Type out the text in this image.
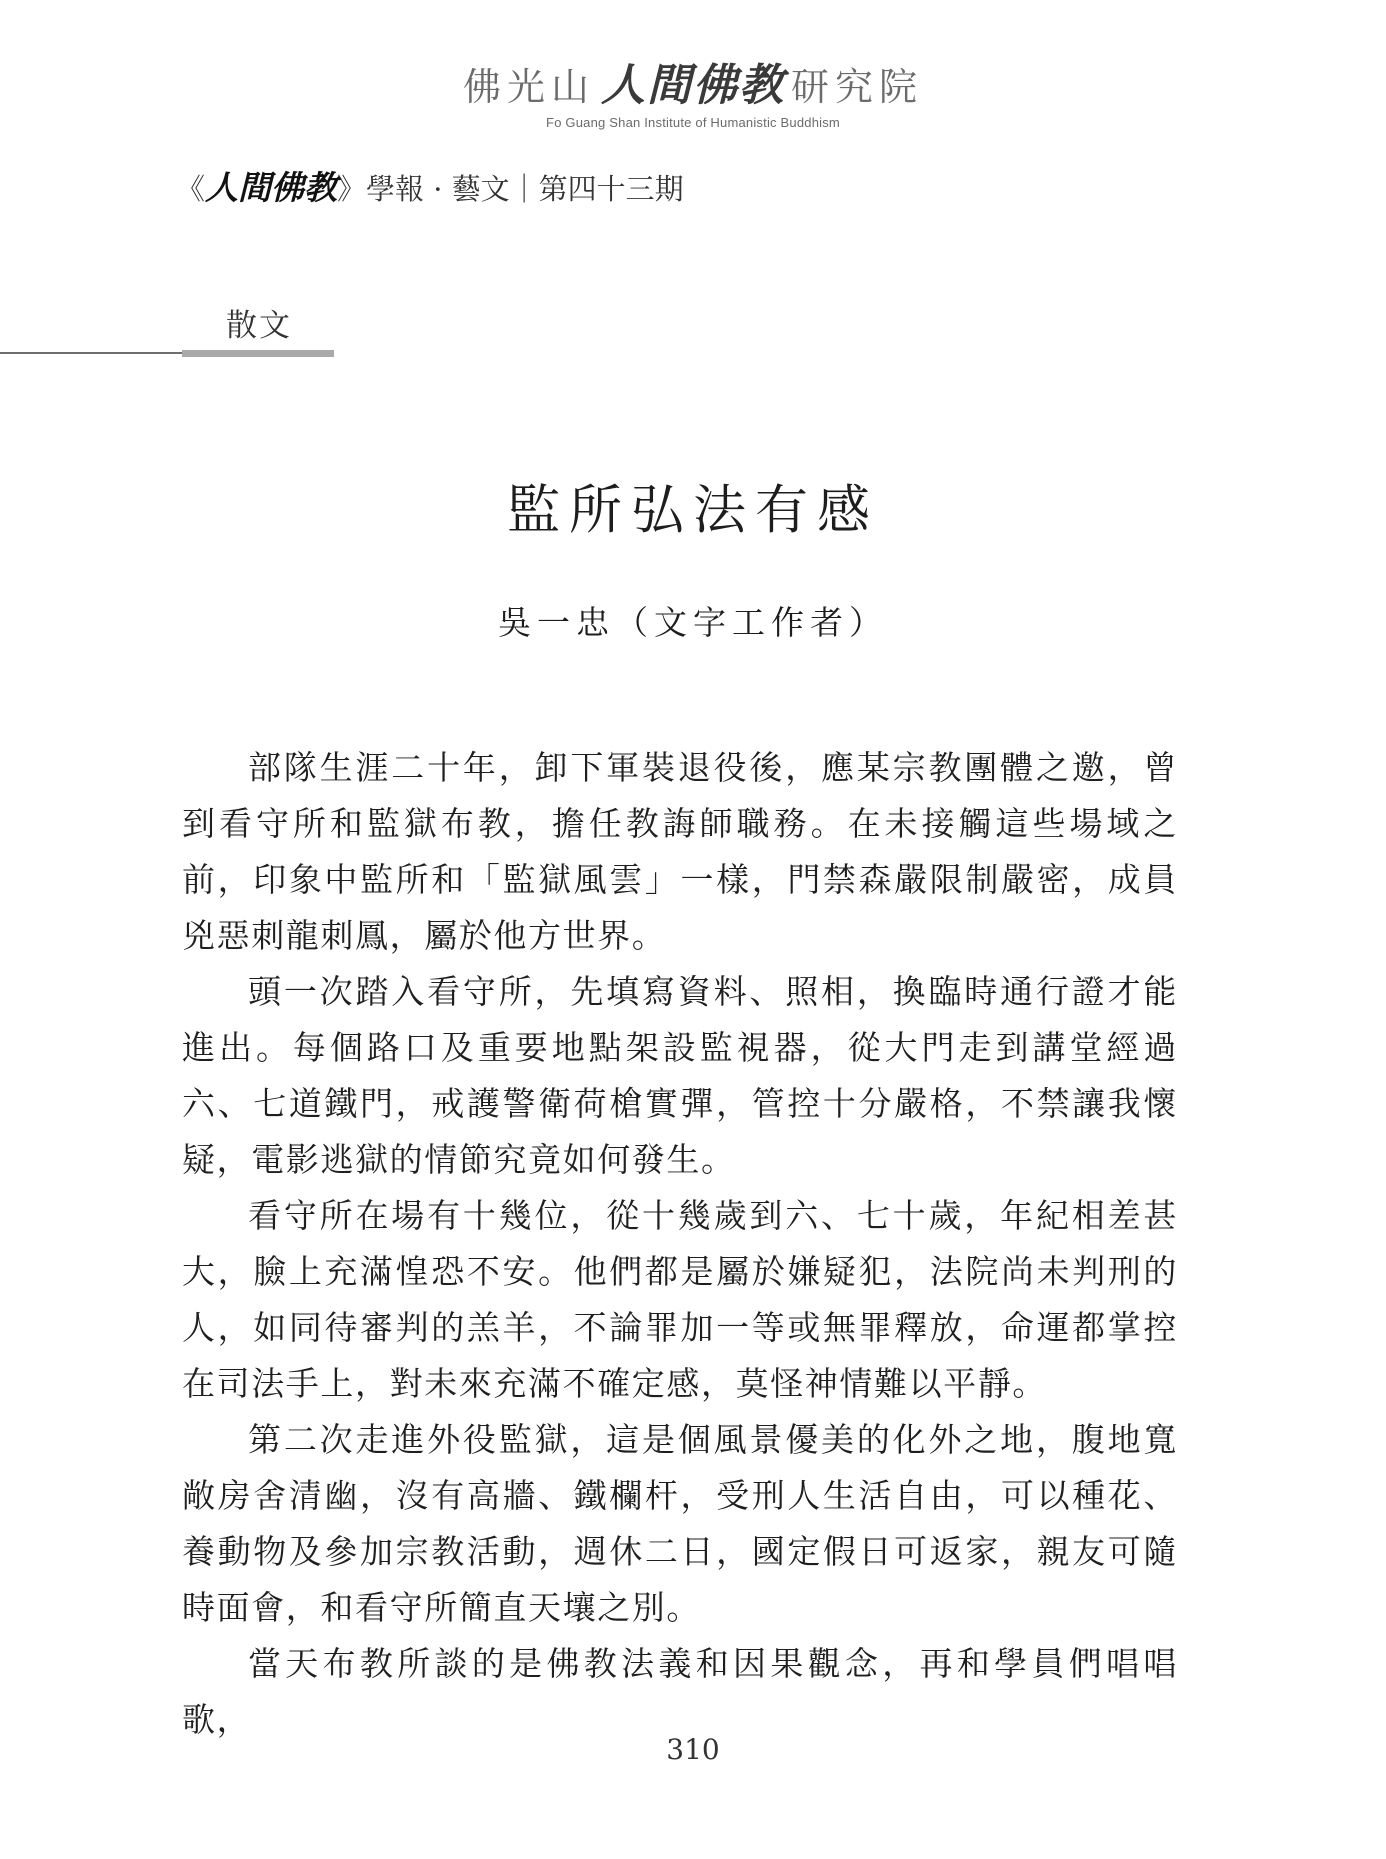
佛光山 人間佛教 研究院
Fo Guang Shan Institute of Humanistic Buddhism
《人間佛教》學報 · 藝文｜第四十三期
散文
監所弘法有感
吳一忠（文字工作者）

部隊生涯二十年，卸下軍裝退役後，應某宗教團體之邀，曾到看守所和監獄布教，擔任教誨師職務。在未接觸這些場域之前，印象中監所和「監獄風雲」一樣，門禁森嚴限制嚴密，成員兇惡刺龍刺鳳，屬於他方世界。

頭一次踏入看守所，先填寫資料、照相，換臨時通行證才能進出。每個路口及重要地點架設監視器，從大門走到講堂經過六、七道鐵門，戒護警衛荷槍實彈，管控十分嚴格，不禁讓我懷疑，電影逃獄的情節究竟如何發生。

看守所在場有十幾位，從十幾歲到六、七十歲，年紀相差甚大，臉上充滿惶恐不安。他們都是屬於嫌疑犯，法院尚未判刑的人，如同待審判的羔羊，不論罪加一等或無罪釋放，命運都掌控在司法手上，對未來充滿不確定感，莫怪神情難以平靜。

第二次走進外役監獄，這是個風景優美的化外之地，腹地寬敞房舍清幽，沒有高牆、鐵欄杆，受刑人生活自由，可以種花、養動物及參加宗教活動，週休二日，國定假日可返家，親友可隨時面會，和看守所簡直天壤之別。

當天布教所談的是佛教法義和因果觀念，再和學員們唱唱歌，

310
